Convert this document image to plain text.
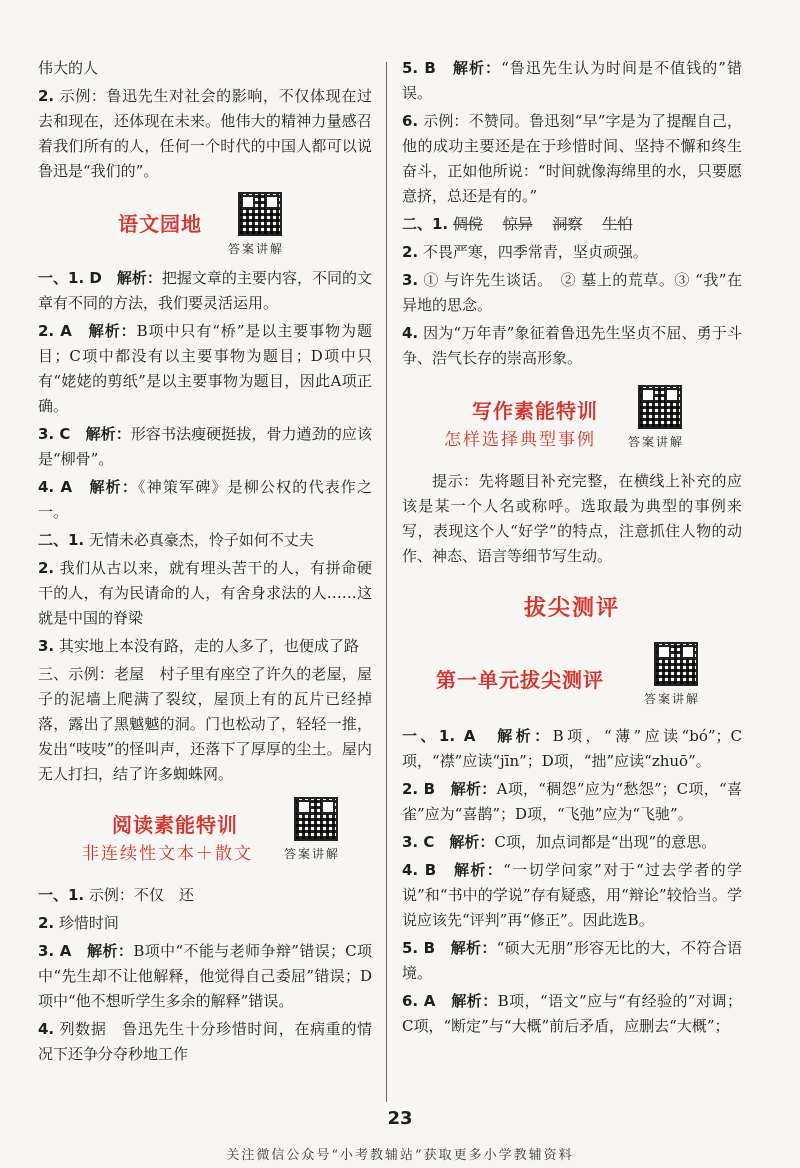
伟大的人
2. 示例：鲁迅先生对社会的影响，不仅体现在过去和现在，还体现在未来。他伟大的精神力量感召着我们所有的人，任何一个时代的中国人都可以说鲁迅是“我们的”。
语文园地
答案讲解
一、1. D　 解析：把握文章的主要内容，不同的文章有不同的方法，我们要灵活运用。
2. A　 解析：B项中只有“桥”是以主要事物为题目；C项中都没有以主要事物为题目；D项中只有“姥姥的剪纸”是以主要事物为题目，因此A项正确。
3. C　 解析：形容书法瘦硬挺拔，骨力遒劲的应该是“柳骨”。
4. A　 解析：《神策军碑》是柳公权的代表作之一。
二、1. 无情未必真豪杰，怜子如何不丈夫
2. 我们从古以来，就有埋头苦干的人，有拼命硬干的人，有为民请命的人，有舍身求法的人……这就是中国的脊梁
3. 其实地上本没有路，走的人多了，也便成了路
三、示例：老屋　村子里有座空了许久的老屋，屋子的泥墙上爬满了裂纹，屋顶上有的瓦片已经掉落，露出了黑魆魆的洞。门也松动了，轻轻一推，发出“吱吱”的怪叫声，还落下了厚厚的尘土。屋内无人打扫，结了许多蜘蛛网。
阅读素能特训
非连续性文本＋散文	答案讲解
一、1. 示例：不仅　还
2. 珍惜时间
3. A　 解析：B项中“不能与老师争辩”错误；C项中“先生却不让他解释，他觉得自己委屈”错误；D项中“他不想听学生多余的解释”错误。
4. 列数据　鲁迅先生十分珍惜时间，在病重的情况下还争分夺秒地工作
5. B　 解析：“鲁迅先生认为时间是不值钱的”错误。
6. 示例：不赞同。鲁迅刻“早”字是为了提醒自己，他的成功主要还是在于珍惜时间、坚持不懈和终生奋斗，正如他所说：“时间就像海绵里的水，只要愿意挤，总还是有的。”
二、1. 倜傥　 惊异　 洞察　 生怕
2. 不畏严寒，四季常青，坚贞顽强。
3. ① 与许先生谈话。　② 墓上的荒草。③ “我”在异地的思念。
4. 因为“万年青”象征着鲁迅先生坚贞不屈、勇于斗争、浩气长存的崇高形象。
写作素能特训
怎样选择典型事例	答案讲解
提示：先将题目补充完整，在横线上补充的应该是某一个人名或称呼。选取最为典型的事例来写，表现这个人“好学”的特点，注意抓住人物的动作、神态、语言等细节写生动。
拔尖测评
第一单元拔尖测评
答案讲解
一、1. A　 解析：B项，“薄”应读“bó”；C项，“襟”应读“jīn”；D项，“拙”应读“zhuō”。
2. B　 解析：A项，“稠怨”应为“愁怨”；C项，“喜雀”应为“喜鹊”；D项，“飞弛”应为“飞驰”。
3. C　 解析：C项，加点词都是“出现”的意思。
4. B　 解析：“一切学问家”对于“过去学者的学说”和“书中的学说”存有疑惑，用“辩论”较恰当。学说应该先“评判”再“修正”。因此选B。
5. B　 解析：“硕大无朋”形容无比的大，不符合语境。
6. A　 解析：B项，“语文”应与“有经验的”对调；C项，“断定”与“大概”前后矛盾，应删去“大概”；
23
关注微信公众号“小考教辅站”获取更多小学教辅资料
